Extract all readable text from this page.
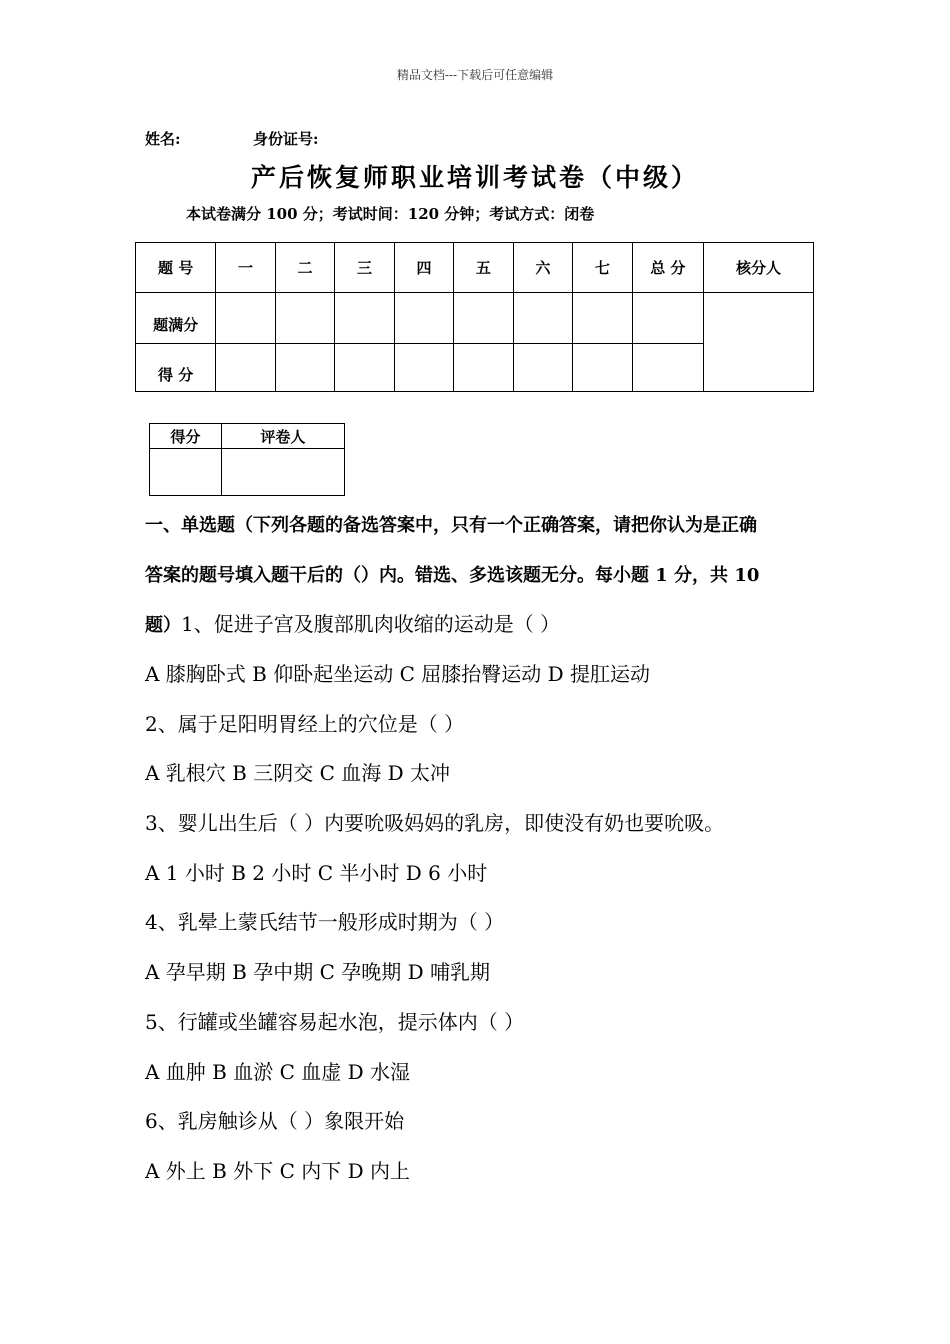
精品文档---下载后可任意编辑
姓名:	身份证号:
产后恢复师职业培训考试卷（中级）
本试卷满分 100 分；考试时间：120 分钟；考试方式：闭卷
题 号	一	二	三	四	五	六	七	总 分	核分人
题满分									
得 分									
得分	评卷人

一、单选题（下列各题的备选答案中，只有一个正确答案，请把你认为是正确
答案的题号填入题干后的（）内。错选、多选该题无分。每小题 1 分，共 10
题）1、促进子宫及腹部肌肉收缩的运动是（ ）
A 膝胸卧式 B 仰卧起坐运动 C 屈膝抬臀运动 D 提肛运动
2、属于足阳明胃经上的穴位是（ ）
A 乳根穴 B 三阴交 C 血海 D 太冲
3、婴儿出生后（ ）内要吮吸妈妈的乳房，即使没有奶也要吮吸。
A 1 小时 B 2 小时 C 半小时 D 6 小时
4、乳晕上蒙氏结节一般形成时期为（ ）
A 孕早期 B 孕中期 C 孕晚期 D 哺乳期
5、行罐或坐罐容易起水泡，提示体内（ ）
A 血肿 B 血淤 C 血虚 D 水湿
6、乳房触诊从（ ）象限开始
A 外上 B 外下 C 内下 D 内上
